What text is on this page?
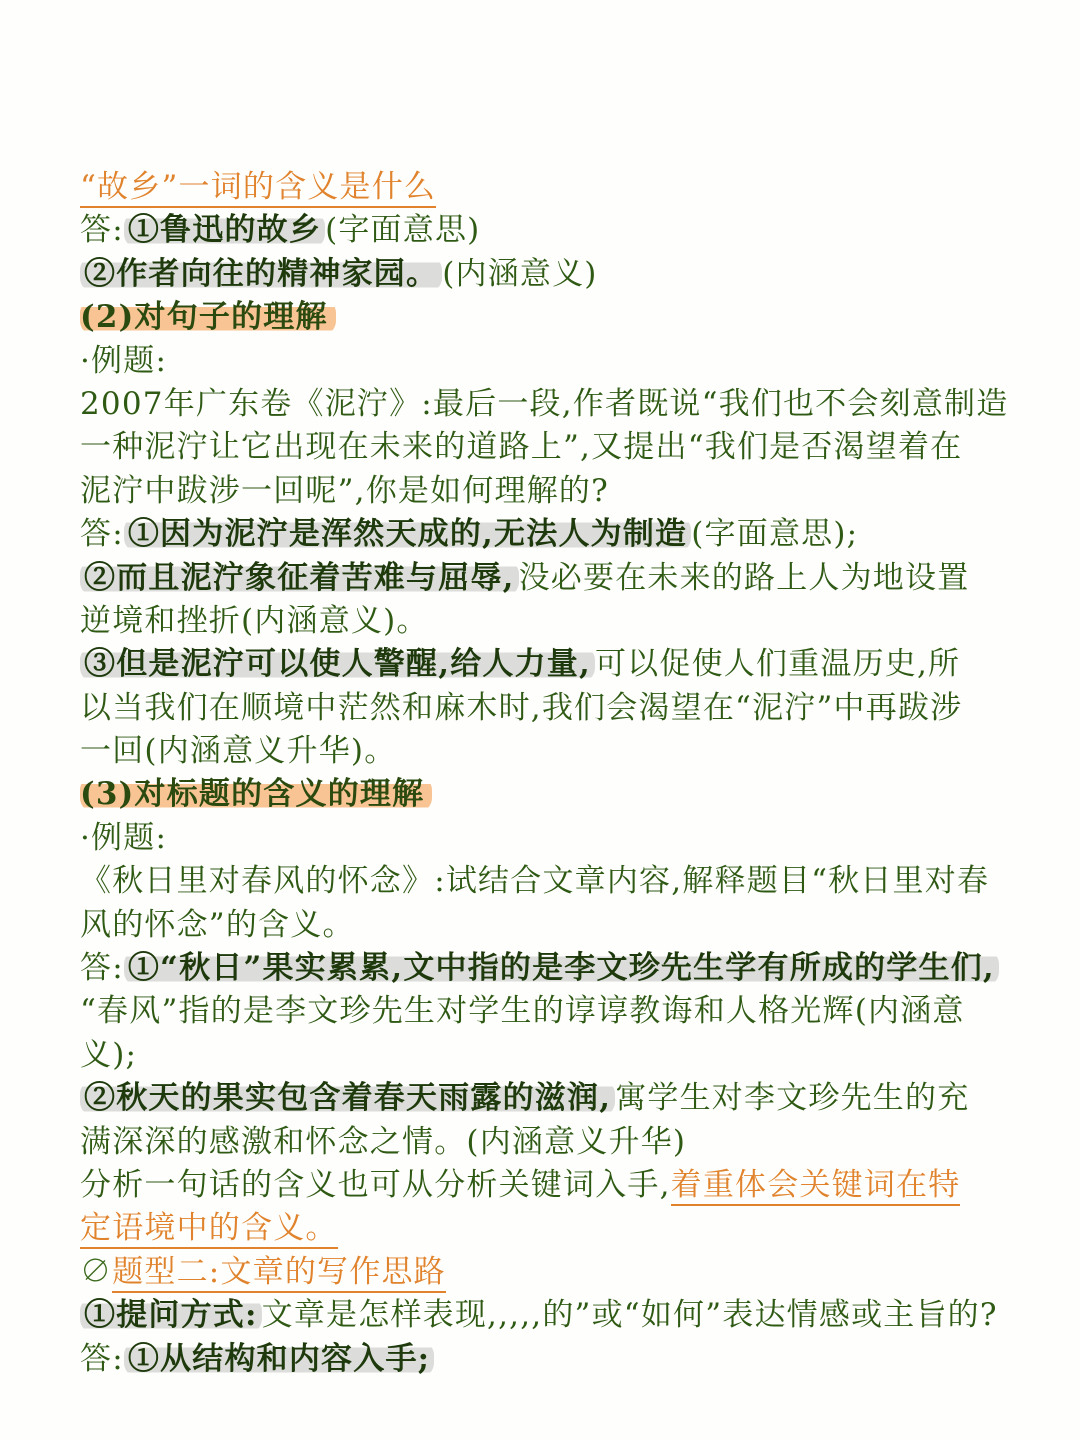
“故乡”一词的含义是什么
答: ①鲁迅的故乡 (字面意思)
②作者向往的精神家园。 (内涵意义)
(2)对句子的理解
·例题:
2007年广东卷《泥泞》:最后一段,作者既说“我们也不会刻意制造
一种泥泞让它出现在未来的道路上”,又提出“我们是否渴望着在
泥泞中跋涉一回呢”,你是如何理解的?
答: ①因为泥泞是浑然天成的,无法人为制造 (字面意思);
②而且泥泞象征着苦难与屈辱, 没必要在未来的路上人为地设置
逆境和挫折(内涵意义)。
③但是泥泞可以使人警醒,给人力量, 可以促使人们重温历史,所
以当我们在顺境中茫然和麻木时,我们会渴望在“泥泞”中再跋涉
一回(内涵意义升华)。
(3)对标题的含义的理解
·例题:
《秋日里对春风的怀念》:试结合文章内容,解释题目“秋日里对春
风的怀念”的含义。
答: ①“秋日”果实累累,文中指的是李文珍先生学有所成的学生们,
“春风”指的是李文珍先生对学生的谆谆教诲和人格光辉(内涵意
义);
②秋天的果实包含着春天雨露的滋润, 寓学生对李文珍先生的充
满深深的感激和怀念之情。(内涵意义升华)
分析一句话的含义也可从分析关键词入手,着重体会关键词在特
定语境中的含义。
∅题型二:文章的写作思路
①提问方式: 文章是怎样表现,,,,,的”或“如何”表达情感或主旨的?
答: ①从结构和内容入手;
